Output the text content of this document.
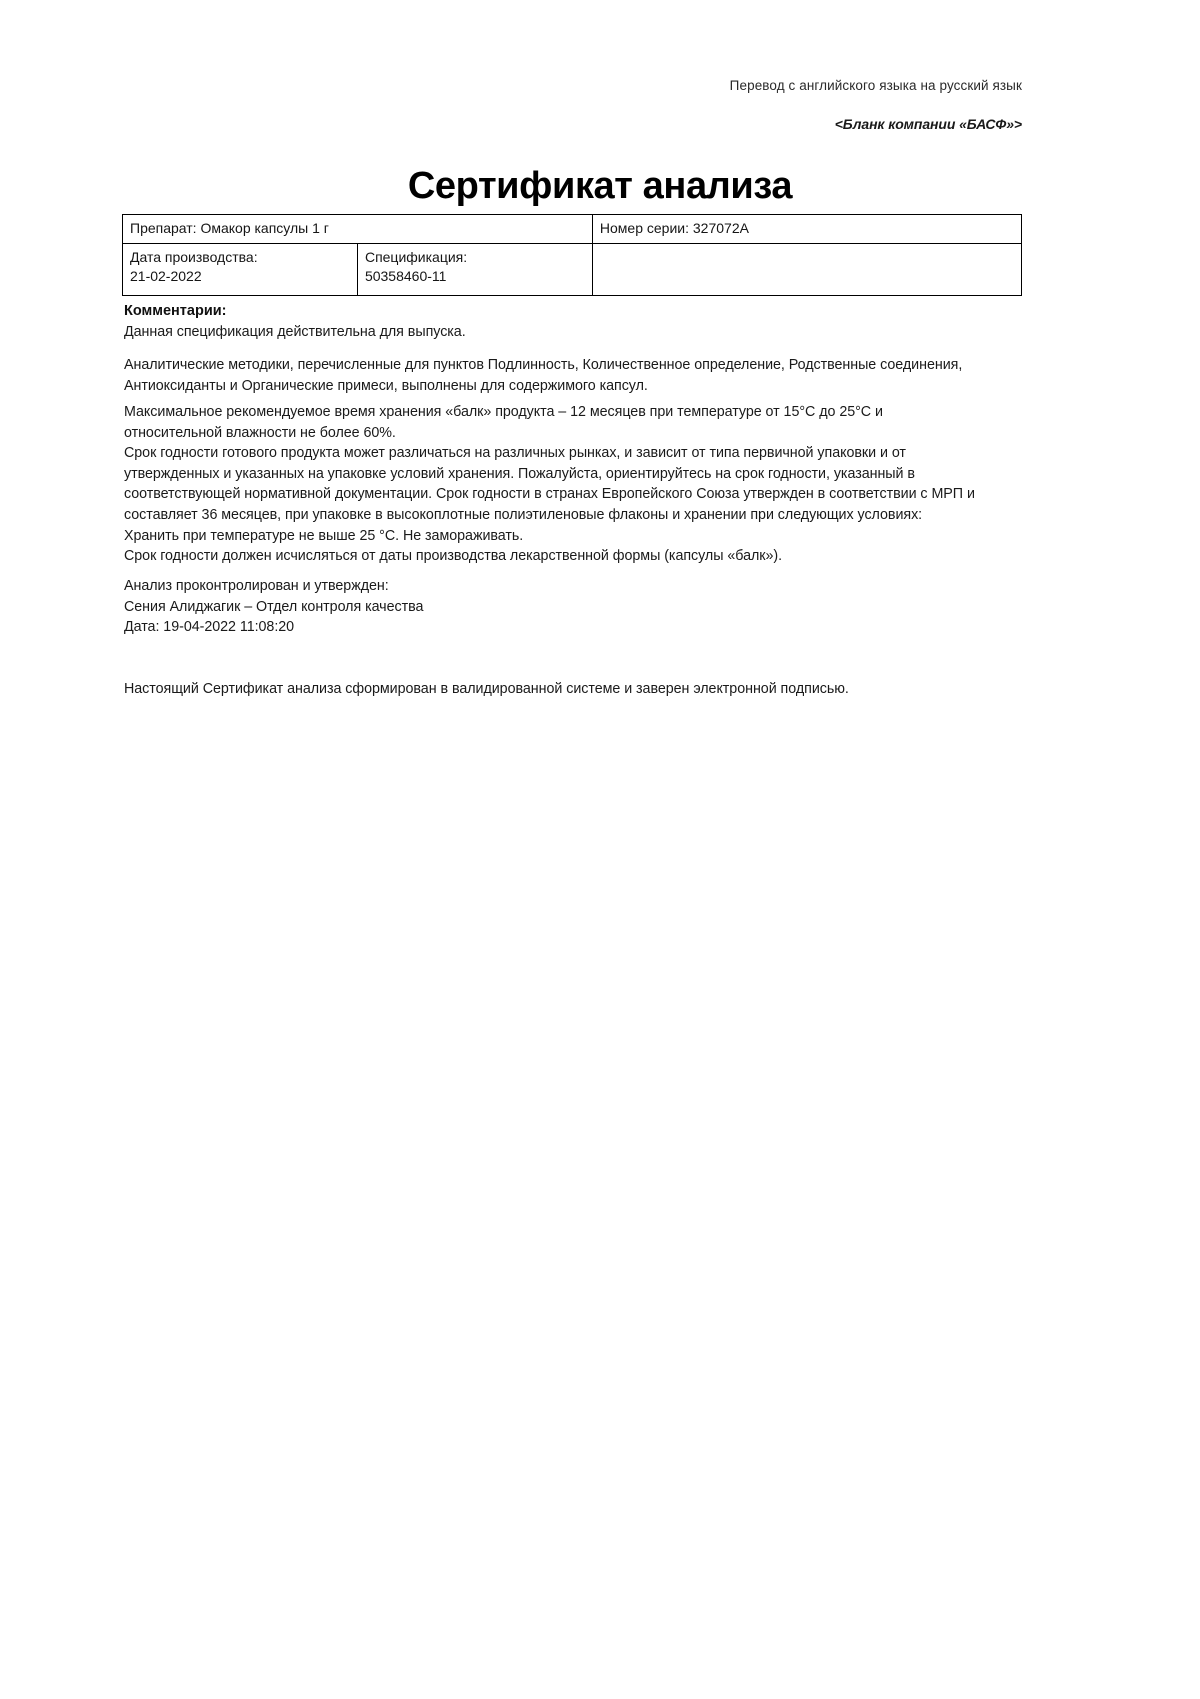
Перевод с английского языка на русский язык
<Бланк компании «БАСФ»>
Сертификат анализа
Препарат: Омакор капсулы 1 г		Номер серии: 327072А

Дата производства:
21-02-2022	Спецификация:
50358460-11	

Комментарии:
Данная спецификация действительна для выпуска.
Аналитические методики, перечисленные для пунктов Подлинность, Количественное определение, Родственные соединения,
Антиоксиданты и Органические примеси, выполнены для содержимого капсул.
Максимальное рекомендуемое время хранения «балк» продукта – 12 месяцев при температуре от 15°С до 25°С и
относительной влажности не более 60%.
Срок годности готового продукта может различаться на различных рынках, и зависит от типа первичной упаковки и от
утвержденных и указанных на упаковке условий хранения. Пожалуйста, ориентируйтесь на срок годности, указанный в
соответствующей нормативной документации. Срок годности в странах Европейского Союза утвержден в соответствии с МРП и
составляет 36 месяцев, при упаковке в высокоплотные полиэтиленовые флаконы и хранении при следующих условиях:
Хранить при температуре не выше 25 °С. Не замораживать.
Срок годности должен исчисляться от даты производства лекарственной формы (капсулы «балк»).
Анализ проконтролирован и утвержден:
Сения Алиджагик – Отдел контроля качества
Дата: 19-04-2022 11:08:20
Настоящий Сертификат анализа сформирован в валидированной системе и заверен электронной подписью.
